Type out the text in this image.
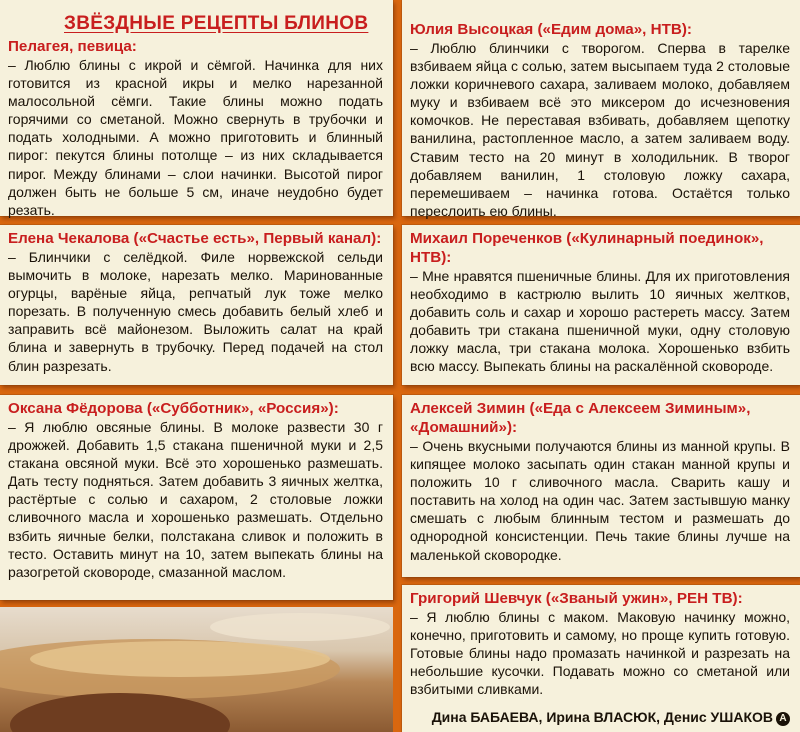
ЗВЁЗДНЫЕ РЕЦЕПТЫ БЛИНОВ

Пелагея, певица:

– Люблю блины с икрой и сёмгой. Начинка для них готовится из красной икры и мелко нарезанной малосольной сёмги. Такие блины можно подать горячими со сметаной. Можно свернуть в трубочки и подать холодными. А можно приготовить и блинный пирог: пекутся блины потолще – из них складывается пирог. Между блинами – слои начинки. Высотой пирог должен быть не больше 5 см, иначе неудобно будет резать.

Юлия Высоцкая («Едим дома», НТВ):

– Люблю блинчики с творогом. Сперва в тарелке взбиваем яйца с солью, затем высыпаем туда 2 столовые ложки коричневого сахара, заливаем молоко, добавляем муку и взбиваем всё это миксером до исчезновения комочков. Не переставая взбивать, добавляем щепотку ванилина, растопленное масло, а затем заливаем воду. Ставим тесто на 20 минут в холодильник. В творог добавляем ванилин, 1 столовую ложку сахара, перемешиваем – начинка готова. Остаётся только переслоить ею блины.

Елена Чекалова («Счастье есть», Первый канал):

– Блинчики с селёдкой. Филе норвежской сельди вымочить в молоке, нарезать мелко. Маринованные огурцы, варёные яйца, репчатый лук тоже мелко порезать. В полученную смесь добавить белый хлеб и заправить всё майонезом. Выложить салат на край блина и завернуть в трубочку. Перед подачей на стол блин разрезать.

Михаил Пореченков («Кулинарный поединок», НТВ):

– Мне нравятся пшеничные блины. Для их приготовления необходимо в кастрюлю вылить 10 яичных желтков, добавить соль и сахар и хорошо растереть массу. Затем добавить три стакана пшеничной муки, одну столовую ложку масла, три стакана молока. Хорошенько взбить всю массу. Выпекать блины на раскалённой сковороде.

Оксана Фёдорова («Субботник», «Россия»):

– Я люблю овсяные блины. В молоке развести 30 г дрожжей. Добавить 1,5 стакана пшеничной муки и 2,5 стакана овсяной муки. Всё это хорошенько размешать. Дать тесту подняться. Затем добавить 3 яичных желтка, растёртые с солью и сахаром, 2 столовые ложки сливочного масла и хорошенько размешать. Отдельно взбить яичные белки, полстакана сливок и положить в тесто. Оставить минут на 10, затем выпекать блины на разогретой сковороде, смазанной маслом.

Алексей Зимин («Еда с Алексеем Зиминым», «Домашний»):

– Очень вкусными получаются блины из манной крупы. В кипящее молоко засыпать один стакан манной крупы и положить 10 г сливочного масла. Сварить кашу и поставить на холод на один час. Затем застывшую манку смешать с любым блинным тестом и размешать до однородной консистенции. Печь такие блины лучше на маленькой сковородке.

Григорий Шевчук («Званый ужин», РЕН ТВ):

– Я люблю блины с маком. Маковую начинку можно, конечно, приготовить и самому, но проще купить готовую. Готовые блины надо промазать начинкой и разрезать на небольшие кусочки. Подавать можно со сметаной или взбитыми сливками.

Дина БАБАЕВА, Ирина ВЛАСЮК, Денис УШАКОВ А
